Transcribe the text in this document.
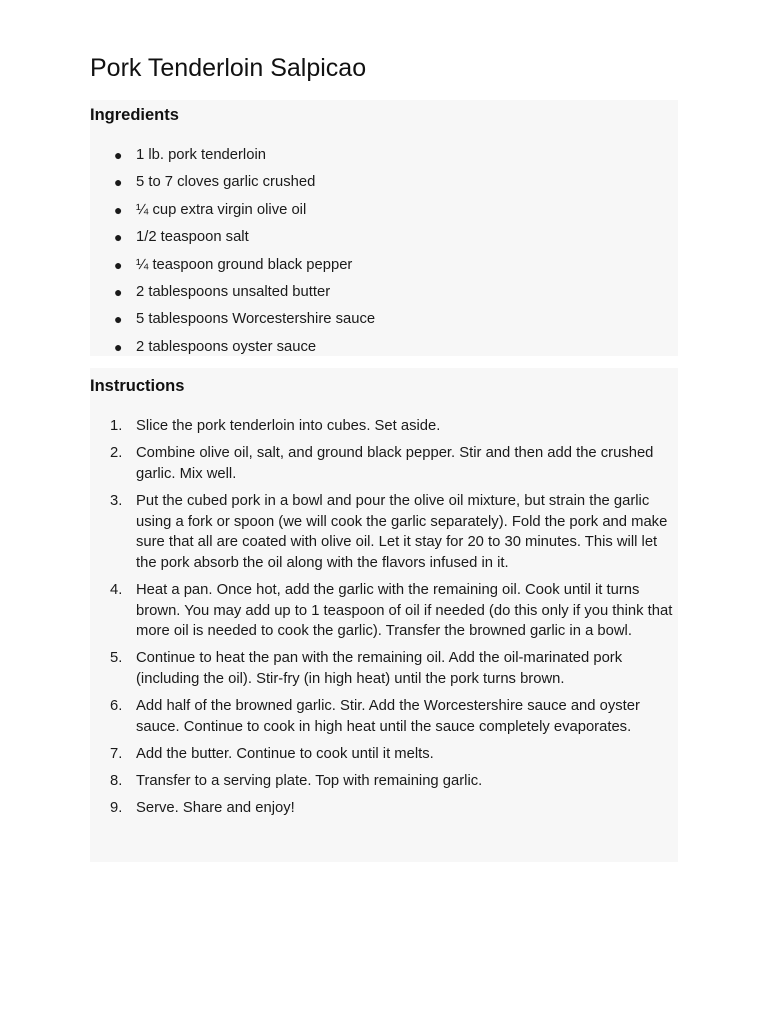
Pork Tenderloin Salpicao
Ingredients
● 1 lb. pork tenderloin
● 5 to 7 cloves garlic crushed
● ¼ cup extra virgin olive oil
● 1/2 teaspoon salt
● ¼ teaspoon ground black pepper
● 2 tablespoons unsalted butter
● 5 tablespoons Worcestershire sauce
● 2 tablespoons oyster sauce
Instructions
1. Slice the pork tenderloin into cubes. Set aside.
2. Combine olive oil, salt, and ground black pepper. Stir and then add the crushed garlic. Mix well.
3. Put the cubed pork in a bowl and pour the olive oil mixture, but strain the garlic using a fork or spoon (we will cook the garlic separately). Fold the pork and make sure that all are coated with olive oil. Let it stay for 20 to 30 minutes. This will let the pork absorb the oil along with the flavors infused in it.
4. Heat a pan. Once hot, add the garlic with the remaining oil. Cook until it turns brown. You may add up to 1 teaspoon of oil if needed (do this only if you think that more oil is needed to cook the garlic). Transfer the browned garlic in a bowl.
5. Continue to heat the pan with the remaining oil. Add the oil-marinated pork (including the oil). Stir-fry (in high heat) until the pork turns brown.
6. Add half of the browned garlic. Stir. Add the Worcestershire sauce and oyster sauce. Continue to cook in high heat until the sauce completely evaporates.
7. Add the butter. Continue to cook until it melts.
8. Transfer to a serving plate. Top with remaining garlic.
9. Serve. Share and enjoy!
